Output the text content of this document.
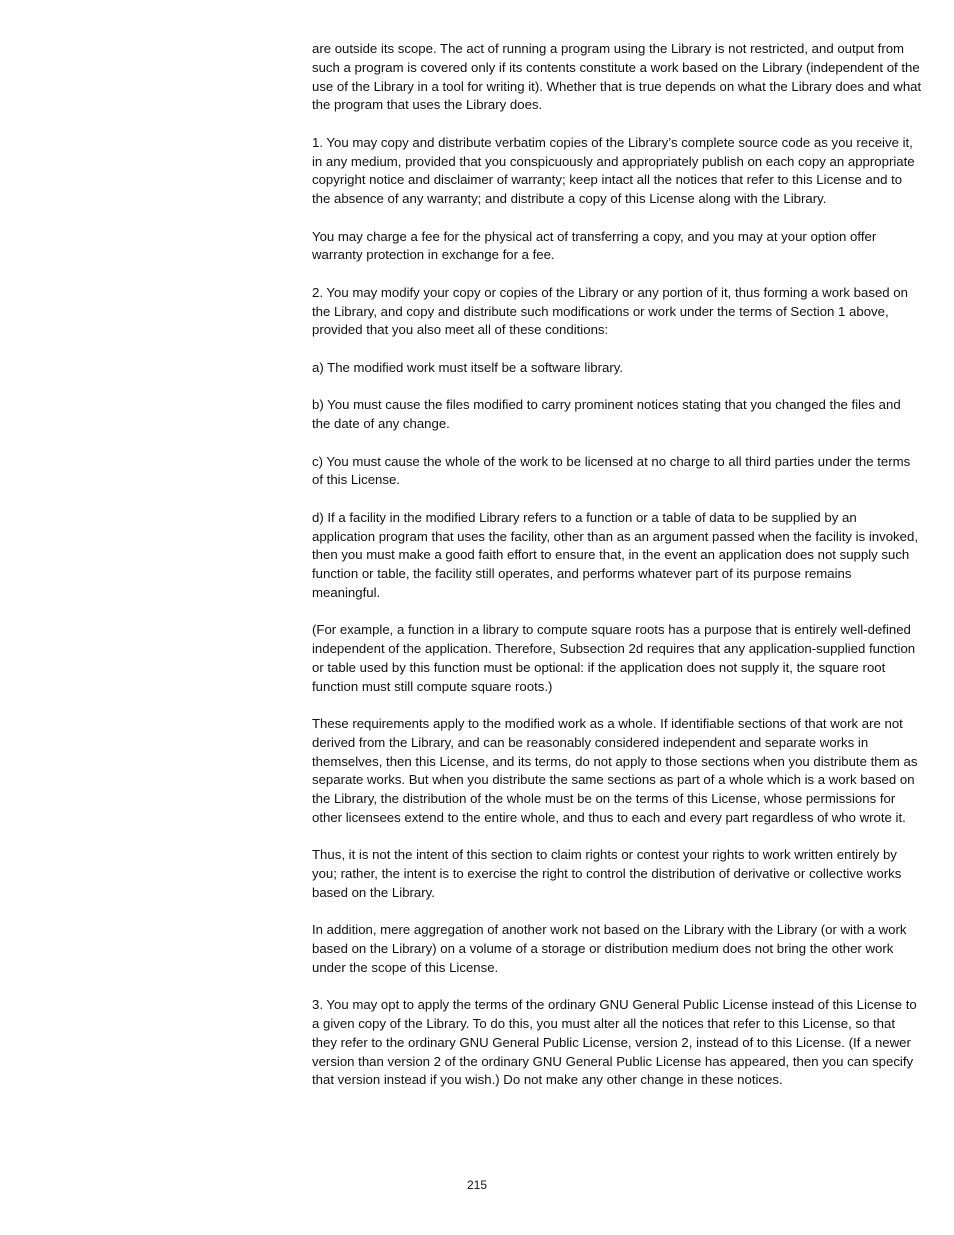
are outside its scope. The act of running a program using the Library is not restricted, and output from such a program is covered only if its contents constitute a work based on the Library (independent of the use of the Library in a tool for writing it). Whether that is true depends on what the Library does and what the program that uses the Library does.

1. You may copy and distribute verbatim copies of the Library’s complete source code as you receive it, in any medium, provided that you conspicuously and appropriately publish on each copy an appropriate copyright notice and disclaimer of warranty; keep intact all the notices that refer to this License and to the absence of any warranty; and distribute a copy of this License along with the Library.

You may charge a fee for the physical act of transferring a copy, and you may at your option offer warranty protection in exchange for a fee.

2. You may modify your copy or copies of the Library or any portion of it, thus forming a work based on the Library, and copy and distribute such modifications or work under the terms of Section 1 above, provided that you also meet all of these conditions:

a) The modified work must itself be a software library.

b) You must cause the files modified to carry prominent notices stating that you changed the files and the date of any change.

c) You must cause the whole of the work to be licensed at no charge to all third parties under the terms of this License.

d) If a facility in the modified Library refers to a function or a table of data to be supplied by an application program that uses the facility, other than as an argument passed when the facility is invoked, then you must make a good faith effort to ensure that, in the event an application does not supply such function or table, the facility still operates, and performs whatever part of its purpose remains meaningful.

(For example, a function in a library to compute square roots has a purpose that is entirely well-defined independent of the application. Therefore, Subsection 2d requires that any application-supplied function or table used by this function must be optional: if the application does not supply it, the square root function must still compute square roots.)

These requirements apply to the modified work as a whole. If identifiable sections of that work are not derived from the Library, and can be reasonably considered independent and separate works in themselves, then this License, and its terms, do not apply to those sections when you distribute them as separate works. But when you distribute the same sections as part of a whole which is a work based on the Library, the distribution of the whole must be on the terms of this License, whose permissions for other licensees extend to the entire whole, and thus to each and every part regardless of who wrote it.

Thus, it is not the intent of this section to claim rights or contest your rights to work written entirely by you; rather, the intent is to exercise the right to control the distribution of derivative or collective works based on the Library.

In addition, mere aggregation of another work not based on the Library with the Library (or with a work based on the Library) on a volume of a storage or distribution medium does not bring the other work under the scope of this License.

3. You may opt to apply the terms of the ordinary GNU General Public License instead of this License to a given copy of the Library. To do this, you must alter all the notices that refer to this License, so that they refer to the ordinary GNU General Public License, version 2, instead of to this License. (If a newer version than version 2 of the ordinary GNU General Public License has appeared, then you can specify that version instead if you wish.) Do not make any other change in these notices.

215
